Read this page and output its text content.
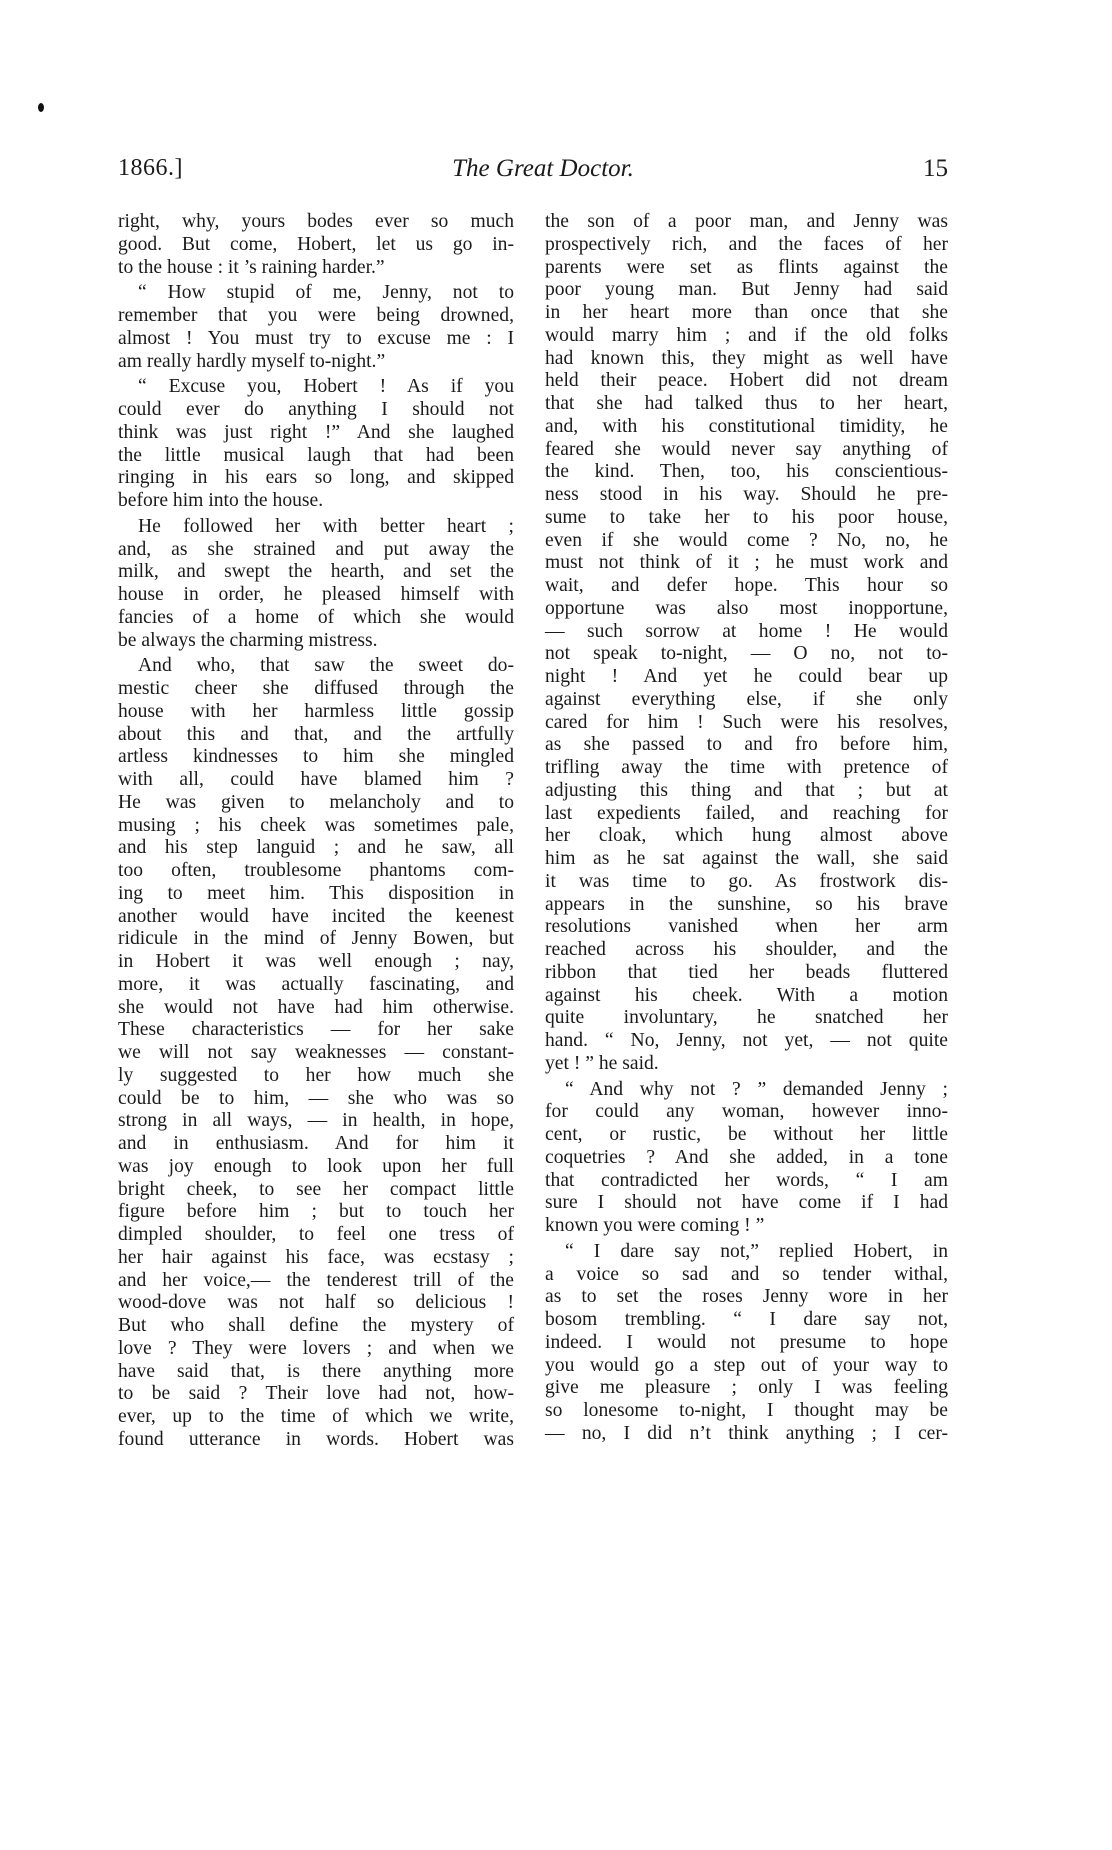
1866.]	The Great Doctor.	15
right, why, yours bodes ever so much
good. But come, Hobert, let us go in-
to the house : it ’s raining harder.”
“ How stupid of me, Jenny, not to
remember that you were being drowned,
almost ! You must try to excuse me : I
am really hardly myself to-night.”
“ Excuse you, Hobert ! As if you
could ever do anything I should not
think was just right !” And she laughed
the little musical laugh that had been
ringing in his ears so long, and skipped
before him into the house.
He followed her with better heart ;
and, as she strained and put away the
milk, and swept the hearth, and set the
house in order, he pleased himself with
fancies of a home of which she would
be always the charming mistress.
And who, that saw the sweet do-
mestic cheer she diffused through the
house with her harmless little gossip
about this and that, and the artfully
artless kindnesses to him she mingled
with all, could have blamed him ?
He was given to melancholy and to
musing ; his cheek was sometimes pale,
and his step languid ; and he saw, all
too often, troublesome phantoms com-
ing to meet him. This disposition in
another would have incited the keenest
ridicule in the mind of Jenny Bowen, but
in Hobert it was well enough ; nay,
more, it was actually fascinating, and
she would not have had him otherwise.
These characteristics — for her sake
we will not say weaknesses — constant-
ly suggested to her how much she
could be to him, — she who was so
strong in all ways, — in health, in hope,
and in enthusiasm. And for him it
was joy enough to look upon her full
bright cheek, to see her compact little
figure before him ; but to touch her
dimpled shoulder, to feel one tress of
her hair against his face, was ecstasy ;
and her voice,— the tenderest trill of the
wood-dove was not half so delicious !
But who shall define the mystery of
love ? They were lovers ; and when we
have said that, is there anything more
to be said ? Their love had not, how-
ever, up to the time of which we write,
found utterance in words. Hobert was
the son of a poor man, and Jenny was
prospectively rich, and the faces of her
parents were set as flints against the
poor young man. But Jenny had said
in her heart more than once that she
would marry him ; and if the old folks
had known this, they might as well have
held their peace. Hobert did not dream
that she had talked thus to her heart,
and, with his constitutional timidity, he
feared she would never say anything of
the kind. Then, too, his conscientious-
ness stood in his way. Should he pre-
sume to take her to his poor house,
even if she would come ? No, no, he
must not think of it ; he must work and
wait, and defer hope. This hour so
opportune was also most inopportune,
— such sorrow at home ! He would
not speak to-night, — O no, not to-
night ! And yet he could bear up
against everything else, if she only
cared for him ! Such were his resolves,
as she passed to and fro before him,
trifling away the time with pretence of
adjusting this thing and that ; but at
last expedients failed, and reaching for
her cloak, which hung almost above
him as he sat against the wall, she said
it was time to go. As frostwork dis-
appears in the sunshine, so his brave
resolutions vanished when her arm
reached across his shoulder, and the
ribbon that tied her beads fluttered
against his cheek. With a motion
quite involuntary, he snatched her
hand. “ No, Jenny, not yet, — not quite
yet ! ” he said.
“ And why not ? ” demanded Jenny ;
for could any woman, however inno-
cent, or rustic, be without her little
coquetries ? And she added, in a tone
that contradicted her words, “ I am
sure I should not have come if I had
known you were coming ! ”
“ I dare say not,” replied Hobert, in
a voice so sad and so tender withal,
as to set the roses Jenny wore in her
bosom trembling. “ I dare say not,
indeed. I would not presume to hope
you would go a step out of your way to
give me pleasure ; only I was feeling
so lonesome to-night, I thought may be
— no, I did n’t think anything ; I cer-
